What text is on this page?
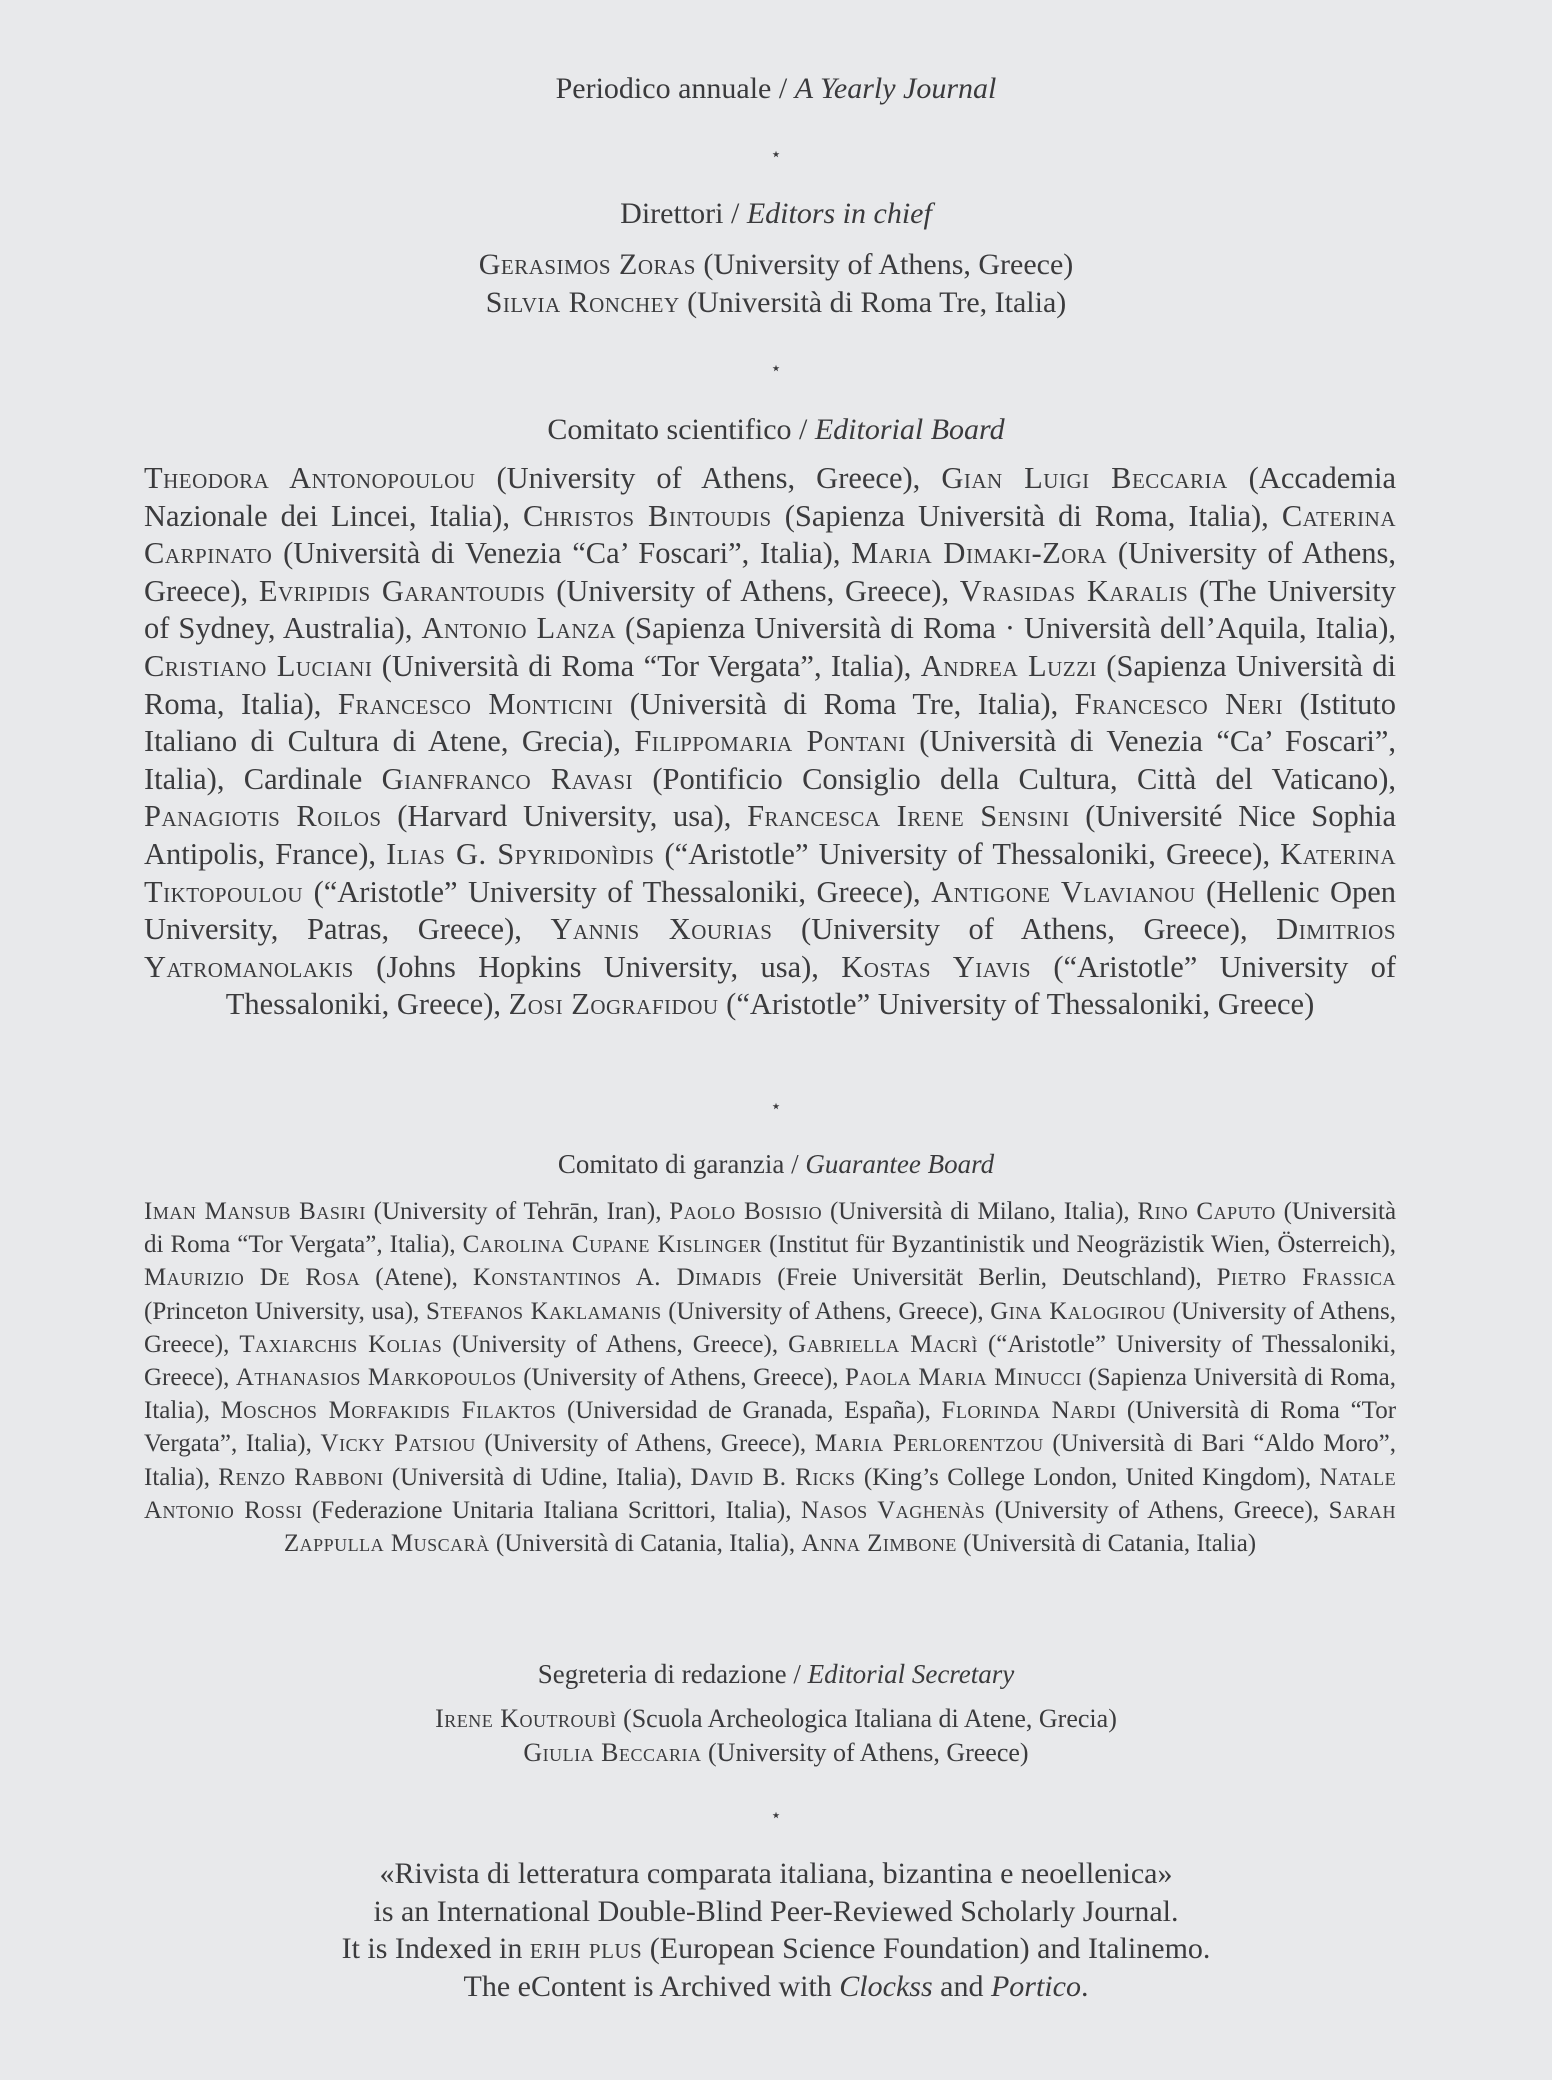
Periodico annuale / A Yearly Journal
⋆
Direttori / Editors in chief
Gerasimos Zoras (University of Athens, Greece)
Silvia Ronchey (Università di Roma Tre, Italia)
⋆
Comitato scientifico / Editorial Board
Theodora Antonopoulou (University of Athens, Greece), Gian Luigi Beccaria (Accademia Nazionale dei Lincei, Italia), Christos Bintoudis (Sapienza Università di Roma, Italia), Caterina Carpinato (Università di Venezia “Ca’ Foscari”, Italia), Maria Dimaki-Zora (University of Athens, Greece), Evripidis Garantoudis (University of Athens, Greece), Vrasidas Karalis (The University of Sydney, Australia), Antonio Lanza (Sapienza Università di Roma · Università dell’Aquila, Italia), Cristiano Luciani (Università di Roma “Tor Vergata”, Italia), Andrea Luzzi (Sapienza Università di Roma, Italia), Francesco Monticini (Università di Roma Tre, Italia), Francesco Neri (Istituto Italiano di Cultura di Atene, Grecia), Filippomaria Pontani (Università di Venezia “Ca’ Foscari”, Italia), Cardinale Gianfranco Ravasi (Pontificio Consiglio della Cultura, Città del Vaticano), Panagiotis Roilos (Harvard University, usa), Francesca Irene Sensini (Université Nice Sophia Antipolis, France), Ilias G. Spyridonìdis (“Aristotle” University of Thessaloniki, Greece), Katerina Tiktopoulou (“Aristotle” University of Thessaloniki, Greece), Antigone Vlavianou (Hellenic Open University, Patras, Greece), Yannis Xourias (University of Athens, Greece), Dimitrios Yatromanolakis (Johns Hopkins University, usa), Kostas Yiavis (“Aristotle” University of Thessaloniki, Greece), Zosi Zografidou (“Aristotle” University of Thessaloniki, Greece)
⋆
Comitato di garanzia / Guarantee Board
Iman Mansub Basiri (University of Tehrān, Iran), Paolo Bosisio (Università di Milano, Italia), Rino Caputo (Università di Roma “Tor Vergata”, Italia), Carolina Cupane Kislinger (Institut für Byzantinistik und Neogräzistik Wien, Österreich), Maurizio De Rosa (Atene), Konstantinos A. Dimadis (Freie Universität Berlin, Deutschland), Pietro Frassica (Princeton University, usa), Stefanos Kaklamanis (University of Athens, Greece), Gina Kalogirou (University of Athens, Greece), Taxiarchis Kolias (University of Athens, Greece), Gabriella Macrì (“Aristotle” University of Thessaloniki, Greece), Athanasios Markopoulos (University of Athens, Greece), Paola Maria Minucci (Sapienza Università di Roma, Italia), Moschos Morfakidis Filaktos (Universidad de Granada, España), Florinda Nardi (Università di Roma “Tor Vergata”, Italia), Vicky Patsiou (University of Athens, Greece), Maria Perlorentzou (Università di Bari “Aldo Moro”, Italia), Renzo Rabboni (Università di Udine, Italia), David B. Ricks (King’s College London, United Kingdom), Natale Antonio Rossi (Federazione Unitaria Italiana Scrittori, Italia), Nasos Vaghenàs (University of Athens, Greece), Sarah Zappulla Muscarà (Università di Catania, Italia), Anna Zimbone (Università di Catania, Italia)
Segreteria di redazione / Editorial Secretary
Irene Koutroubì (Scuola Archeologica Italiana di Atene, Grecia)
Giulia Beccaria (University of Athens, Greece)
⋆
«Rivista di letteratura comparata italiana, bizantina e neoellenica»
is an International Double-Blind Peer-Reviewed Scholarly Journal.
It is Indexed in erih plus (European Science Foundation) and Italinemo.
The eContent is Archived with Clockss and Portico.
